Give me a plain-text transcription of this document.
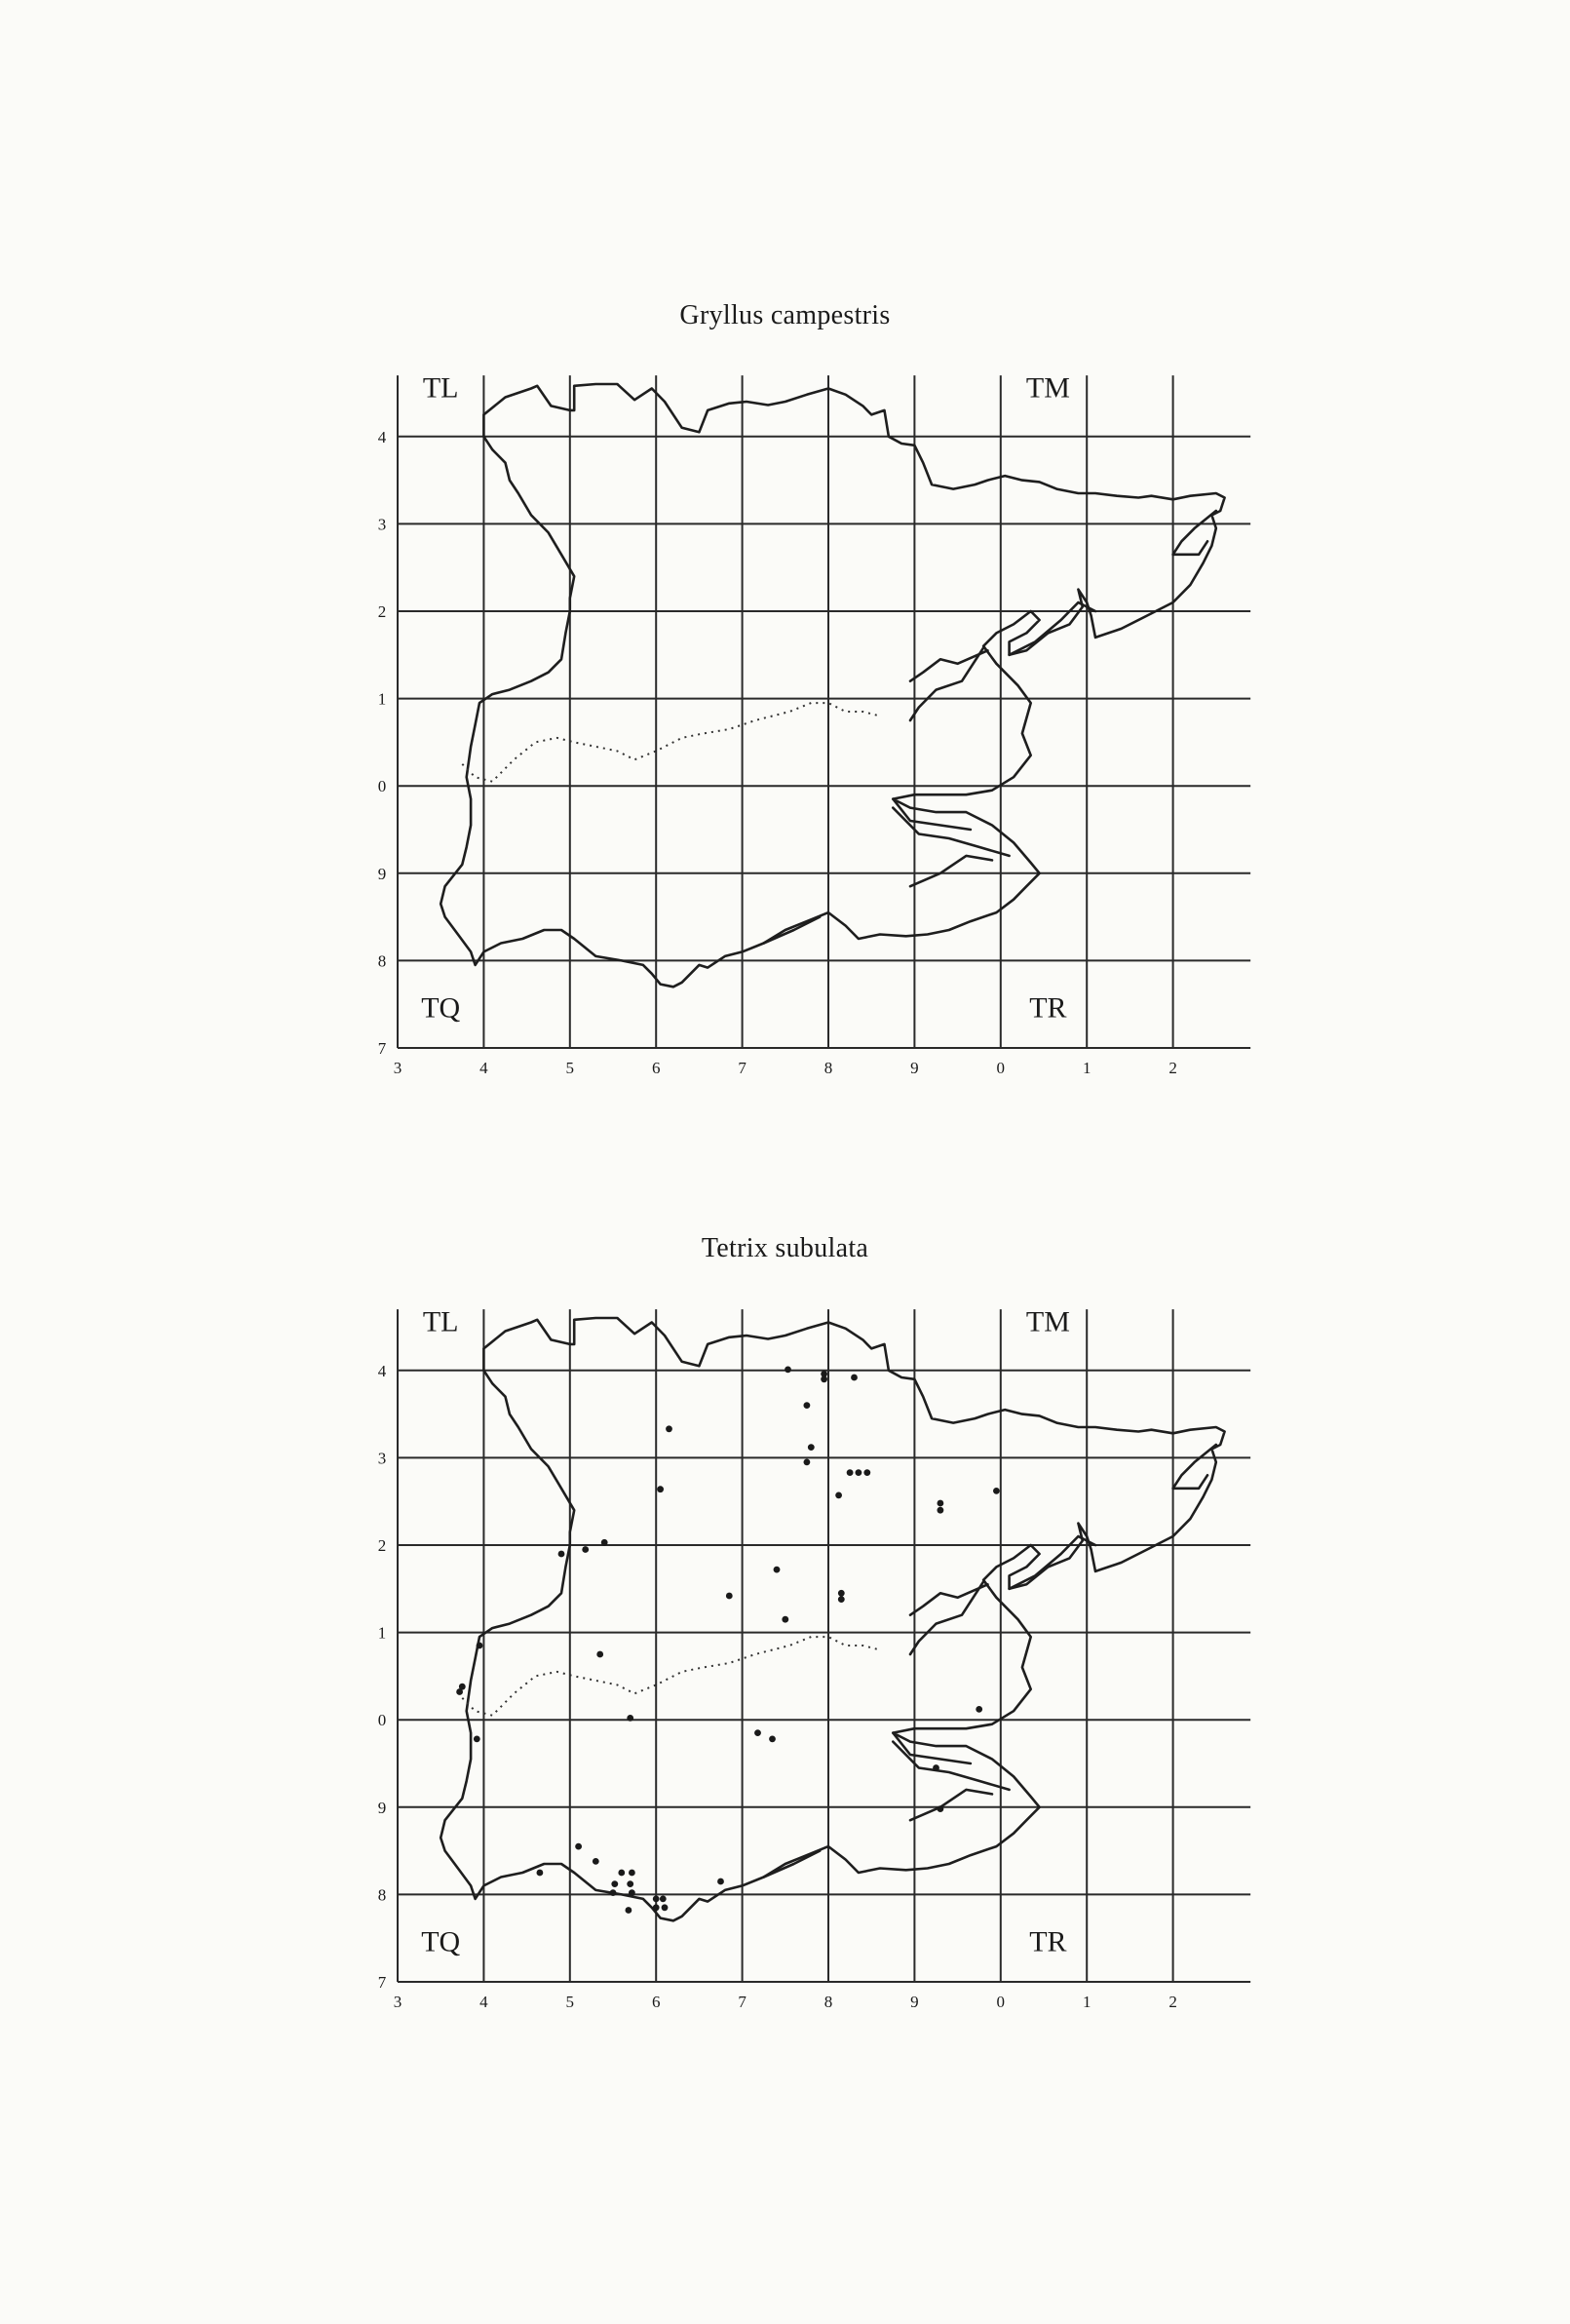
Gryllus campestris
3	4	5	6	7	8	9	0	1	2
4
3
2
1
0
9
8
7
TL	TM
TQ	TR
Tetrix subulata
3	4	5	6	7	8	9	0	1	2
4
3
2
1
0
9
8
7
TL	TM
TQ	TR
